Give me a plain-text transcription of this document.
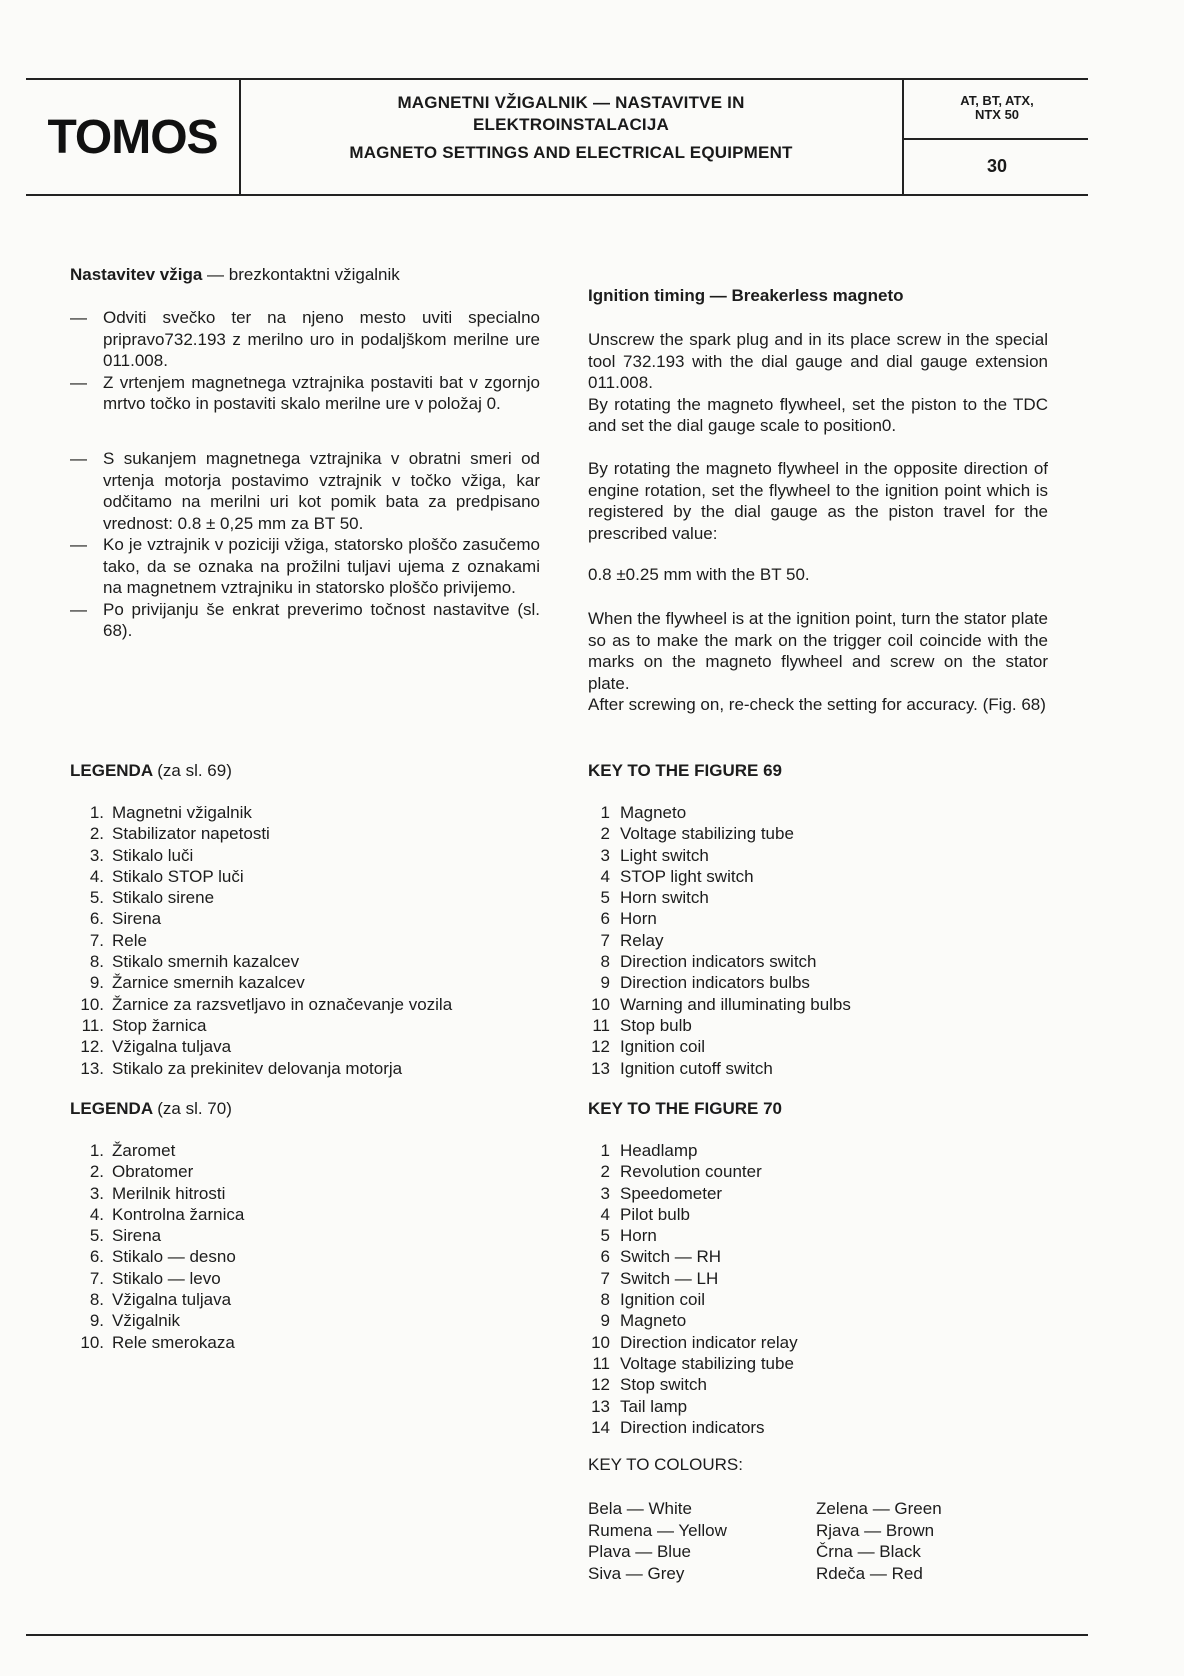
TOMOS
MAGNETNI VŽIGALNIK — NASTAVITVE IN
ELEKTROINSTALACIJA
MAGNETO SETTINGS AND ELECTRICAL EQUIPMENT
AT, BT, ATX,
NTX 50
30
Nastavitev vžiga — brezkontaktni vžigalnik
— Odviti svečko ter na njeno mesto uviti specialno pripravo732.193 z merilno uro in podaljškom merilne ure 011.008.
— Z vrtenjem magnetnega vztrajnika postaviti bat v zgornjo mrtvo točko in postaviti skalo merilne ure v položaj 0.
— S sukanjem magnetnega vztrajnika v obratni smeri od vrtenja motorja postavimo vztrajnik v točko vžiga, kar odčitamo na merilni uri kot pomik bata za predpisano vrednost: 0.8 ± 0,25 mm za BT 50.
— Ko je vztrajnik v poziciji vžiga, statorsko ploščo zasučemo tako, da se oznaka na prožilni tuljavi ujema z oznakami na magnetnem vztrajniku in statorsko ploščo privijemo.
— Po privijanju še enkrat preverimo točnost nastavitve (sl. 68).
LEGENDA (za sl. 69)
1. Magnetni vžigalnik
2. Stabilizator napetosti
3. Stikalo luči
4. Stikalo STOP luči
5. Stikalo sirene
6. Sirena
7. Rele
8. Stikalo smernih kazalcev
9. Žarnice smernih kazalcev
10. Žarnice za razsvetljavo in označevanje vozila
11. Stop žarnica
12. Vžigalna tuljava
13. Stikalo za prekinitev delovanja motorja
LEGENDA (za sl. 70)
1. Žaromet
2. Obratomer
3. Merilnik hitrosti
4. Kontrolna žarnica
5. Sirena
6. Stikalo — desno
7. Stikalo — levo
8. Vžigalna tuljava
9. Vžigalnik
10. Rele smerokaza
Ignition timing — Breakerless magneto

Unscrew the spark plug and in its place screw in the special tool 732.193 with the dial gauge and dial gauge extension 011.008.

By rotating the magneto flywheel, set the piston to the TDC and set the dial gauge scale to position0.

By rotating the magneto flywheel in the opposite direction of engine rotation, set the flywheel to the ignition point which is registered by the dial gauge as the piston travel for the prescribed value:

0.8 ±0.25 mm with the BT 50.

When the flywheel is at the ignition point, turn the stator plate so as to make the mark on the trigger coil coincide with the marks on the magneto flywheel and screw on the stator plate.

After screwing on, re-check the setting for accuracy. (Fig. 68)

KEY TO THE FIGURE 69
1 Magneto
2 Voltage stabilizing tube
3 Light switch
4 STOP light switch
5 Horn switch
6 Horn
7 Relay
8 Direction indicators switch
9 Direction indicators bulbs
10 Warning and illuminating bulbs
11 Stop bulb
12 Ignition coil
13 Ignition cutoff switch
KEY TO THE FIGURE 70
1 Headlamp
2 Revolution counter
3 Speedometer
4 Pilot bulb
5 Horn
6 Switch — RH
7 Switch — LH
8 Ignition coil
9 Magneto
10 Direction indicator relay
11 Voltage stabilizing tube
12 Stop switch
13 Tail lamp
14 Direction indicators
KEY TO COLOURS:
Bela — White	Zelena — Green
Rumena — Yellow	Rjava — Brown
Plava — Blue	Črna — Black
Siva — Grey	Rdeča — Red
